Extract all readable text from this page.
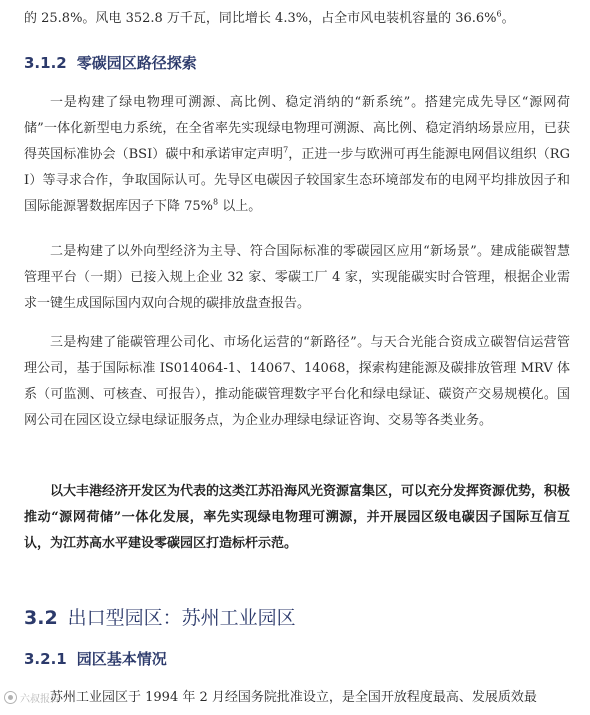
的 25.8%。风电 352.8 万千瓦，同比增长 4.3%，占全市风电装机容量的 36.6%$^6$。

3.1.2 零碳园区路径探索

一是构建了绿电物理可溯源、高比例、稳定消纳的“新系统”。搭建完成先导区“源网荷储”一体化新型电力系统，在全省率先实现绿电物理可溯源、高比例、稳定消纳场景应用，已获得英国标准协会（BSI）碳中和承诺审定声明$^7$，正进一步与欧洲可再生能源电网倡议组织（RGI）等寻求合作，争取国际认可。先导区电碳因子较国家生态环境部发布的电网平均排放因子和国际能源署数据库因子下降 75%$^8$ 以上。

二是构建了以外向型经济为主导、符合国际标准的零碳园区应用“新场景”。建成能碳智慧管理平台（一期）已接入规上企业 32 家、零碳工厂 4 家，实现能碳实时合管理，根据企业需求一键生成国际国内双向合规的碳排放盘查报告。

三是构建了能碳管理公司化、市场化运营的“新路径”。与天合光能合资成立碳智信运营管理公司，基于国际标准 IS014064-1、14067、14068，探索构建能源及碳排放管理 MRV 体系（可监测、可核查、可报告），推动能碳管理数字平台化和绿电绿证、碳资产交易规模化。国网公司在园区设立绿电绿证服务点，为企业办理绿电绿证咨询、交易等各类业务。

以大丰港经济开发区为代表的这类江苏沿海风光资源富集区，可以充分发挥资源优势，积极推动“源网荷储”一体化发展，率先实现绿电物理可溯源，并开展园区级电碳因子国际互信互认，为江苏高水平建设零碳园区打造标杆示范。

3.2 出口型园区：苏州工业园区
3.2.1 园区基本情况

苏州工业园区于 1994 年 2 月经国务院批准设立，是全国开放程度最高、发展质效最

六叔报告
